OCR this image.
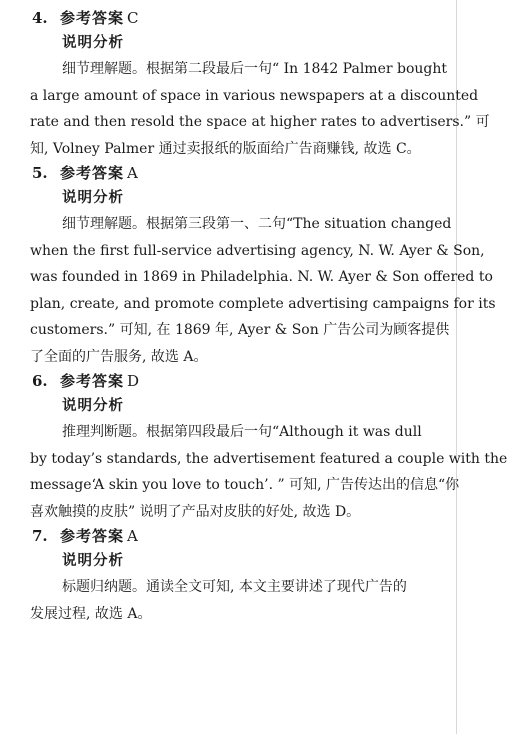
4. 参考答案 C
说明分析
细节理解题。根据第二段最后一句“ In 1842 Palmer bought
a large amount of space in various newspapers at a discounted
rate and then resold the space at higher rates to advertisers.” 可
知, Volney Palmer 通过卖报纸的版面给广告商赚钱, 故选 C。
5. 参考答案 A
说明分析
细节理解题。根据第三段第一、二句“The situation changed
when the first full-service advertising agency, N. W. Ayer & Son,
was founded in 1869 in Philadelphia. N. W. Ayer & Son offered to
plan, create, and promote complete advertising campaigns for its
customers.” 可知, 在 1869 年, Ayer & Son 广告公司为顾客提供
了全面的广告服务, 故选 A。
6. 参考答案 D
说明分析
推理判断题。根据第四段最后一句“Although it was dull
by today’s standards, the advertisement featured a couple with the
message‘A skin you love to touch’. ” 可知, 广告传达出的信息“你
喜欢触摸的皮肤” 说明了产品对皮肤的好处, 故选 D。
7. 参考答案 A
说明分析
标题归纳题。通读全文可知, 本文主要讲述了现代广告的
发展过程, 故选 A。
